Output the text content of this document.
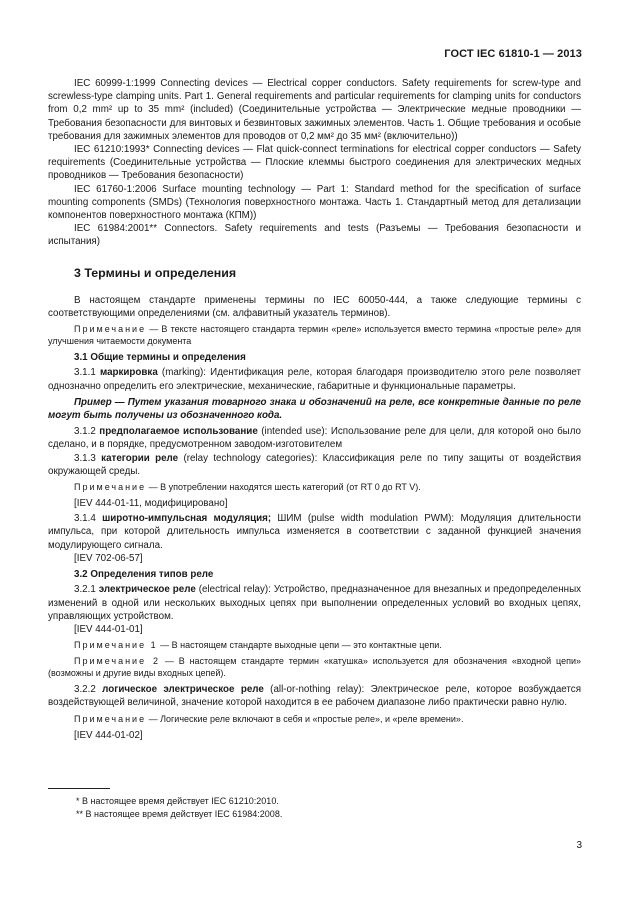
ГОСТ IEC 61810-1 — 2013

IEC 60999-1:1999 Connecting devices — Electrical copper conductors. Safety requirements for screw-type and screwless-type clamping units. Part 1. General requirements and particular requirements for clamping units for conductors from 0,2 mm² up to 35 mm² (included) (Соединительные устройства — Электрические медные проводники — Требования безопасности для винтовых и безвинтовых зажимных элементов. Часть 1. Общие требования и особые требования для зажимных элементов для проводов от 0,2 мм² до 35 мм² (включительно))

IEC 61210:1993* Connecting devices — Flat quick-connect terminations for electrical copper conductors — Safety requirements (Соединительные устройства — Плоские клеммы быстрого соединения для электрических медных проводников — Требования безопасности)

IEC 61760-1:2006 Surface mounting technology — Part 1: Standard method for the specification of surface mounting components (SMDs) (Технология поверхностного монтажа. Часть 1. Стандартный метод для детализации компонентов поверхностного монтажа (КПМ))

IEC 61984:2001** Connectors. Safety requirements and tests (Разъемы — Требования безопасности и испытания)

3 Термины и определения

В настоящем стандарте применены термины по IEC 60050-444, а также следующие термины с соответствующими определениями (см. алфавитный указатель терминов).

Примечание — В тексте настоящего стандарта термин «реле» используется вместо термина «простые реле» для улучшения читаемости документа

3.1 Общие термины и определения

3.1.1 маркировка (marking): Идентификация реле, которая благодаря производителю этого реле позволяет однозначно определить его электрические, механические, габаритные и функциональные параметры.

Пример — Путем указания товарного знака и обозначений на реле, все конкретные данные по реле могут быть получены из обозначенного кода.

3.1.2 предполагаемое использование (intended use): Использование реле для цели, для которой оно было сделано, и в порядке, предусмотренном заводом-изготовителем

3.1.3 категории реле (relay technology categories): Классификация реле по типу защиты от воздействия окружающей среды.

Примечание — В употреблении находятся шесть категорий (от RT 0 до RT V).

[IEV 444-01-11, модифицировано]

3.1.4 широтно-импульсная модуляция; ШИМ (pulse width modulation PWM): Модуляция длительности импульса, при которой длительность импульса изменяется в соответствии с заданной функцией значения модулирующего сигнала.

[IEV 702-06-57]

3.2 Определения типов реле

3.2.1 электрическое реле (electrical relay): Устройство, предназначенное для внезапных и предопределенных изменений в одной или нескольких выходных цепях при выполнении определенных условий во входных цепях, управляющих устройством.

[IEV 444-01-01]

Примечание 1 — В настоящем стандарте выходные цепи — это контактные цепи.

Примечание 2 — В настоящем стандарте термин «катушка» используется для обозначения «входной цепи» (возможны и другие виды входных цепей).

3.2.2 логическое электрическое реле (all-or-nothing relay): Электрическое реле, которое возбуждается воздействующей величиной, значение которой находится в ее рабочем диапазоне либо практически равно нулю.

Примечание — Логические реле включают в себя и «простые реле», и «реле времени».

[IEV 444-01-02]

* В настоящее время действует IEC 61210:2010.
** В настоящее время действует IEC 61984:2008.
3
